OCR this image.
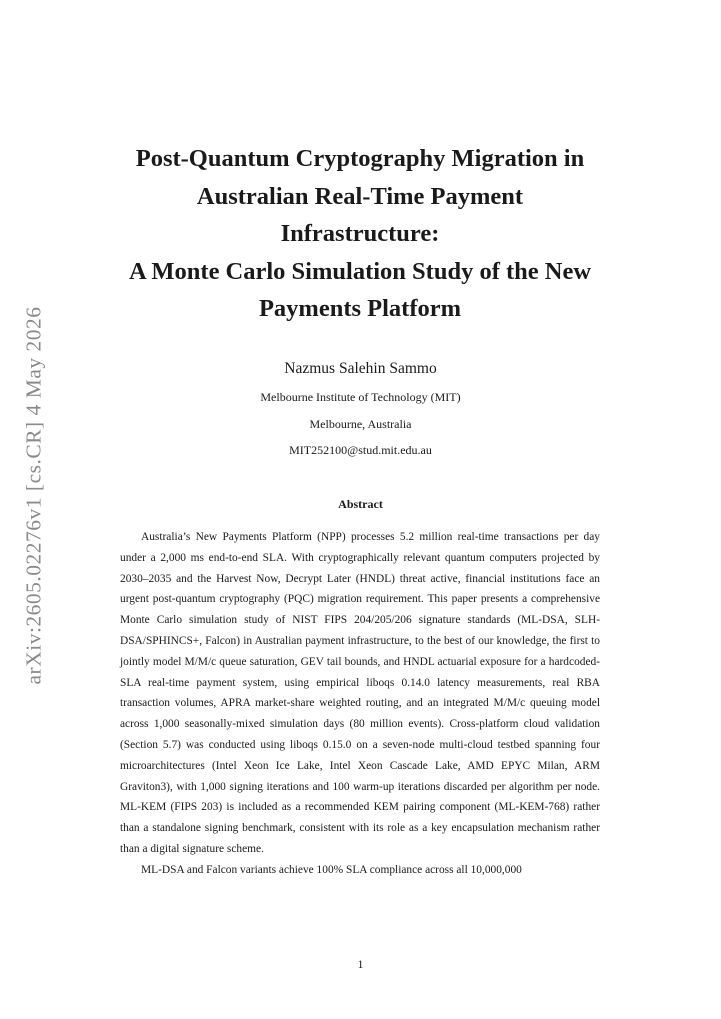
arXiv:2605.02276v1 [cs.CR] 4 May 2026
Post-Quantum Cryptography Migration in
Australian Real-Time Payment
Infrastructure:
A Monte Carlo Simulation Study of the New
Payments Platform
Nazmus Salehin Sammo
Melbourne Institute of Technology (MIT)
Melbourne, Australia
MIT252100@stud.mit.edu.au
Abstract

Australia’s New Payments Platform (NPP) processes 5.2 million real-time transactions per day under a 2,000 ms end-to-end SLA. With cryptographically relevant quantum computers projected by 2030–2035 and the Harvest Now, Decrypt Later (HNDL) threat active, financial institutions face an urgent post-quantum cryptography (PQC) migration requirement. This paper presents a comprehensive Monte Carlo simulation study of NIST FIPS 204/205/206 signature standards (ML-DSA, SLH-DSA/SPHINCS+, Falcon) in Australian payment infrastructure, to the best of our knowledge, the first to jointly model M/M/c queue saturation, GEV tail bounds, and HNDL actuarial exposure for a hardcoded-SLA real-time payment system, using empirical liboqs 0.14.0 latency measurements, real RBA transaction volumes, APRA market-share weighted routing, and an integrated M/M/c queuing model across 1,000 seasonally-mixed simulation days (80 million events). Cross-platform cloud validation (Section 5.7) was conducted using liboqs 0.15.0 on a seven-node multi-cloud testbed spanning four microarchitectures (Intel Xeon Ice Lake, Intel Xeon Cascade Lake, AMD EPYC Milan, ARM Graviton3), with 1,000 signing iterations and 100 warm-up iterations discarded per algorithm per node. ML-KEM (FIPS 203) is included as a recommended KEM pairing component (ML-KEM-768) rather than a standalone signing benchmark, consistent with its role as a key encapsulation mechanism rather than a digital signature scheme.

ML-DSA and Falcon variants achieve 100% SLA compliance across all 10,000,000

1
